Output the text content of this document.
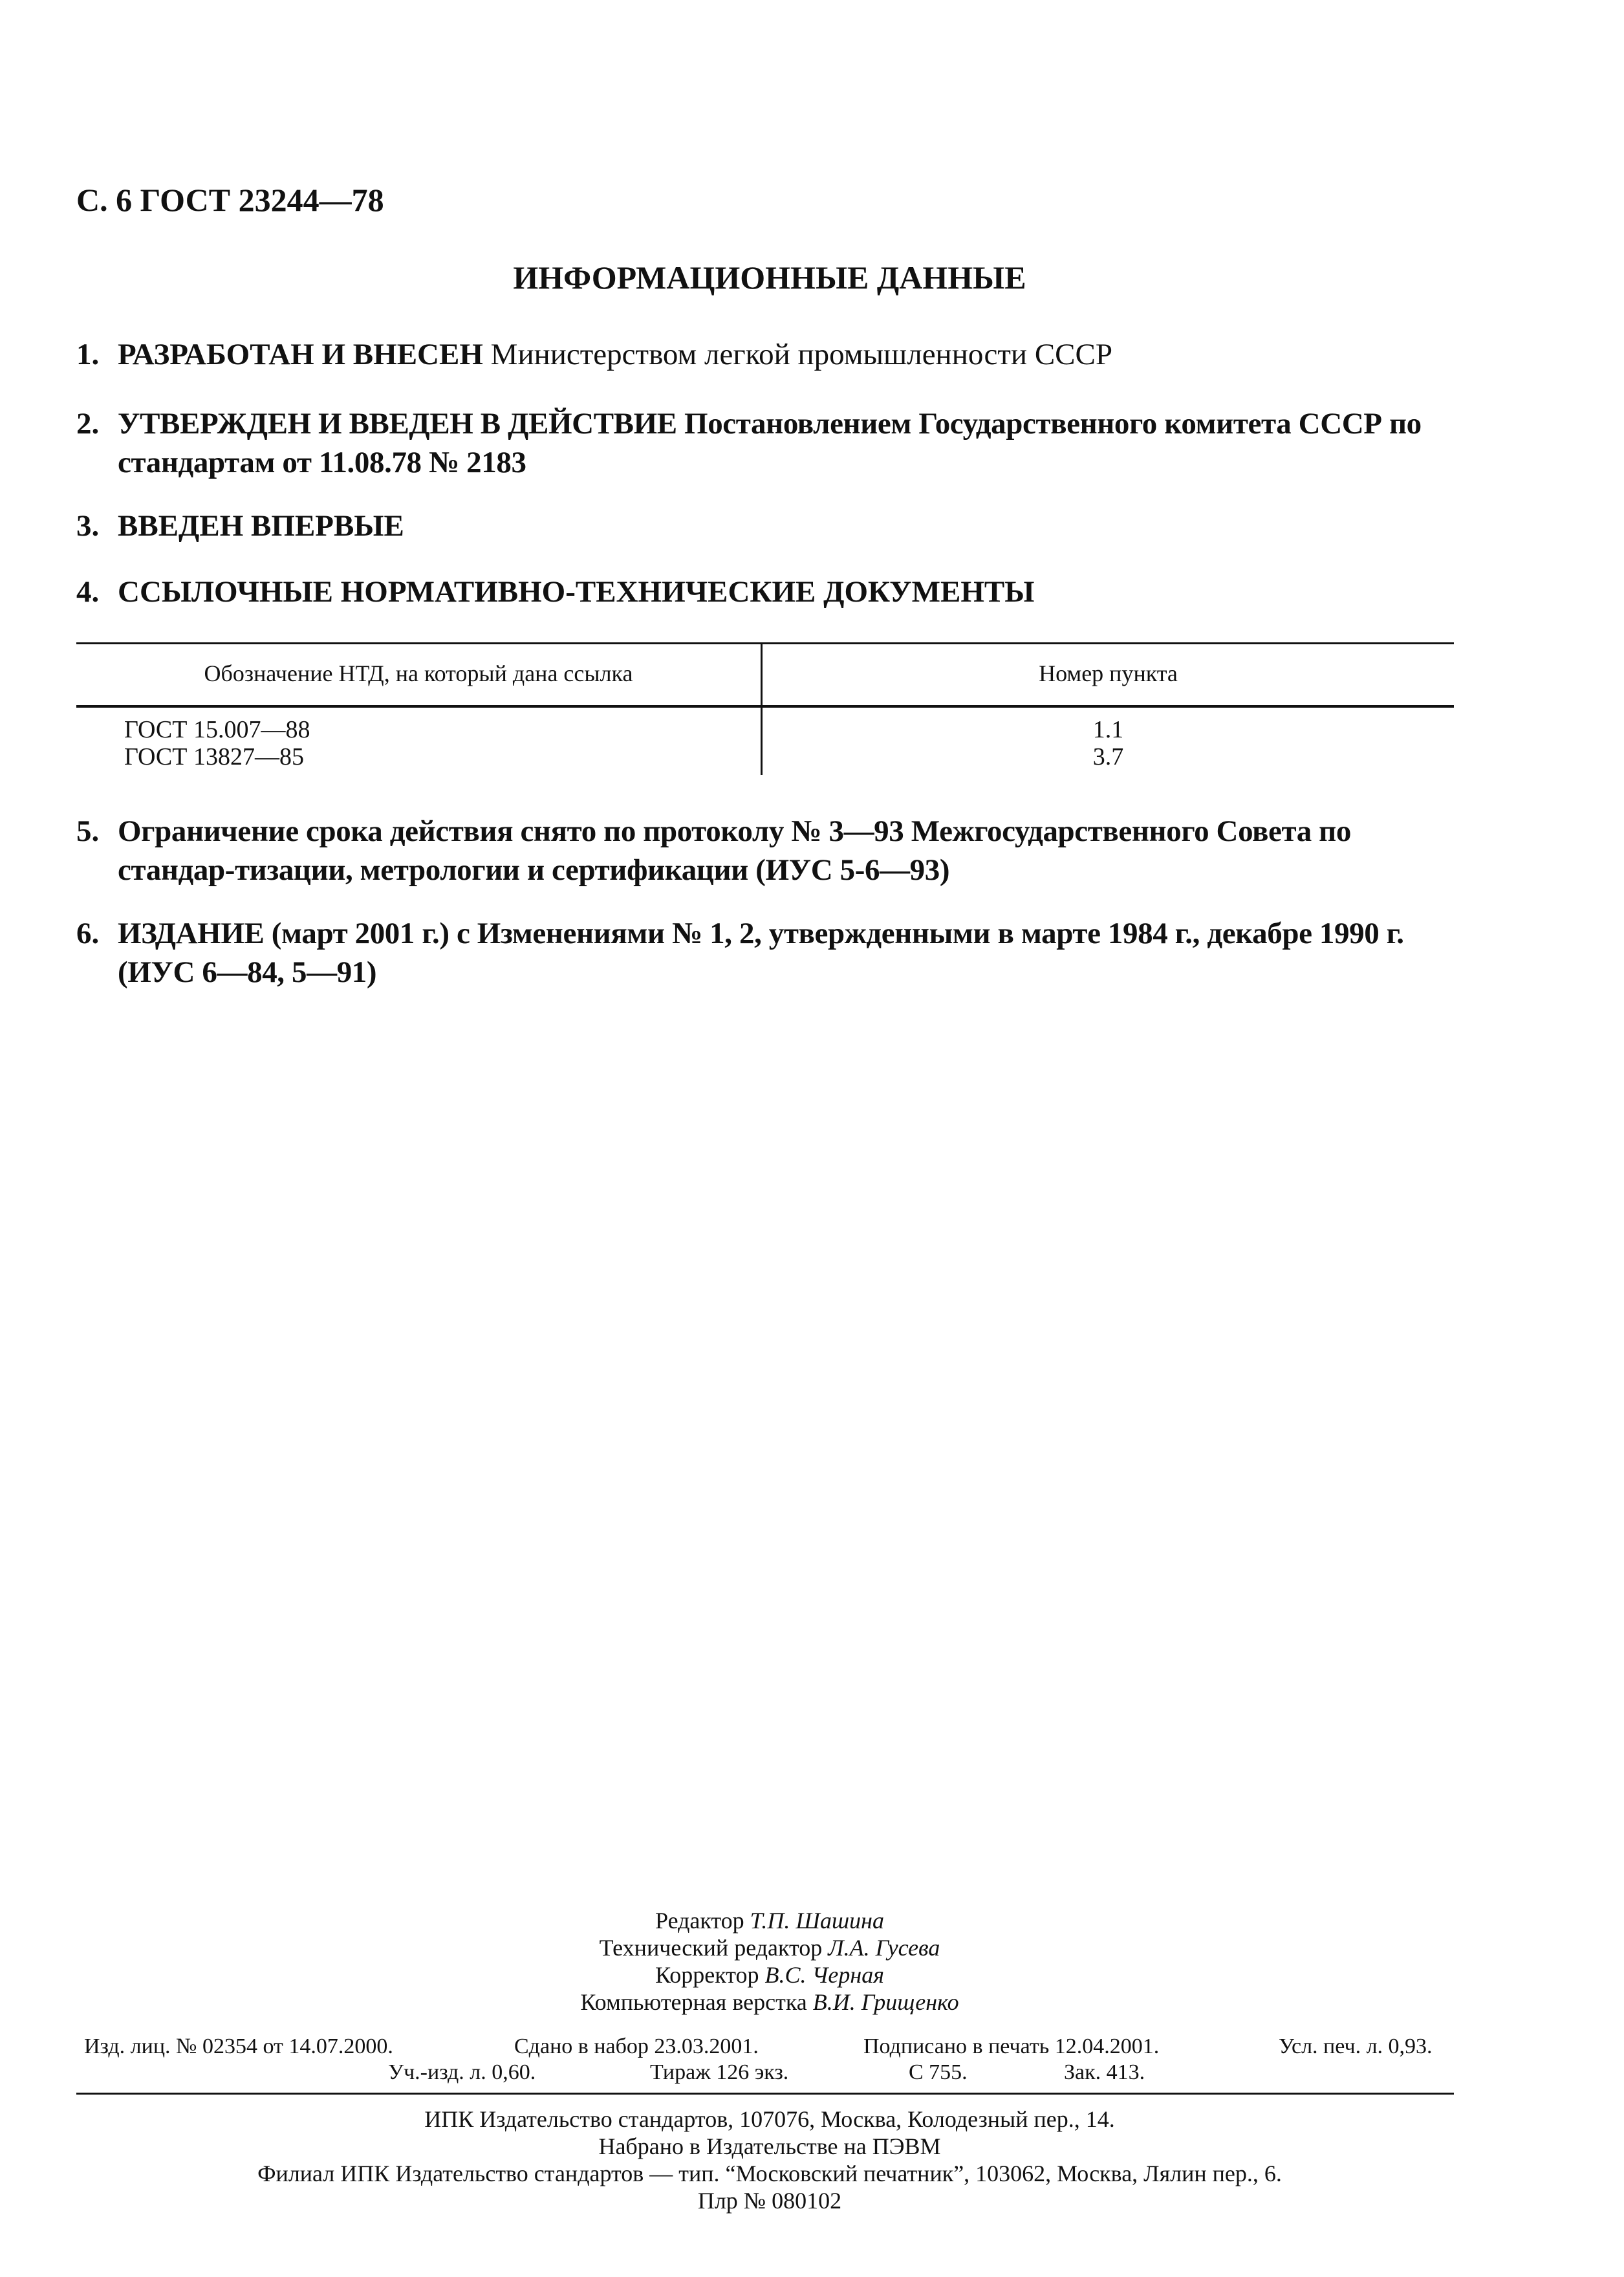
С. 6 ГОСТ 23244—78
ИНФОРМАЦИОННЫЕ ДАННЫЕ
1. РАЗРАБОТАН И ВНЕСЕН Министерством легкой промышленности СССР
2. УТВЕРЖДЕН И ВВЕДЕН В ДЕЙСТВИЕ Постановлением Государственного комитета СССР по стандартам от 11.08.78 № 2183
3. ВВЕДЕН ВПЕРВЫЕ
4. ССЫЛОЧНЫЕ НОРМАТИВНО-ТЕХНИЧЕСКИЕ ДОКУМЕНТЫ
Обозначение НТД, на который дана ссылка	Номер пункта
ГОСТ 15.007—88	1.1
ГОСТ 13827—85	3.7
5. Ограничение срока действия снято по протоколу № 3—93 Межгосударственного Совета по стандар-тизации, метрологии и сертификации (ИУС 5-6—93)
6. ИЗДАНИЕ (март 2001 г.) с Изменениями № 1, 2, утвержденными в марте 1984 г., декабре 1990 г. (ИУС 6—84, 5—91)
Редактор Т.П. Шашина
Технический редактор Л.А. Гусева
Корректор В.С. Черная
Компьютерная верстка В.И. Грищенко
Изд. лиц. № 02354 от 14.07.2000.	Сдано в набор 23.03.2001.	Подписано в печать 12.04.2001.	Усл. печ. л. 0,93.
Уч.-изд. л. 0,60.	Тираж 126 экз.	С 755.	Зак. 413.
ИПК Издательство стандартов, 107076, Москва, Колодезный пер., 14.
Набрано в Издательстве на ПЭВМ
Филиал ИПК Издательство стандартов — тип. “Московский печатник”, 103062, Москва, Лялин пер., 6.
Плр № 080102
